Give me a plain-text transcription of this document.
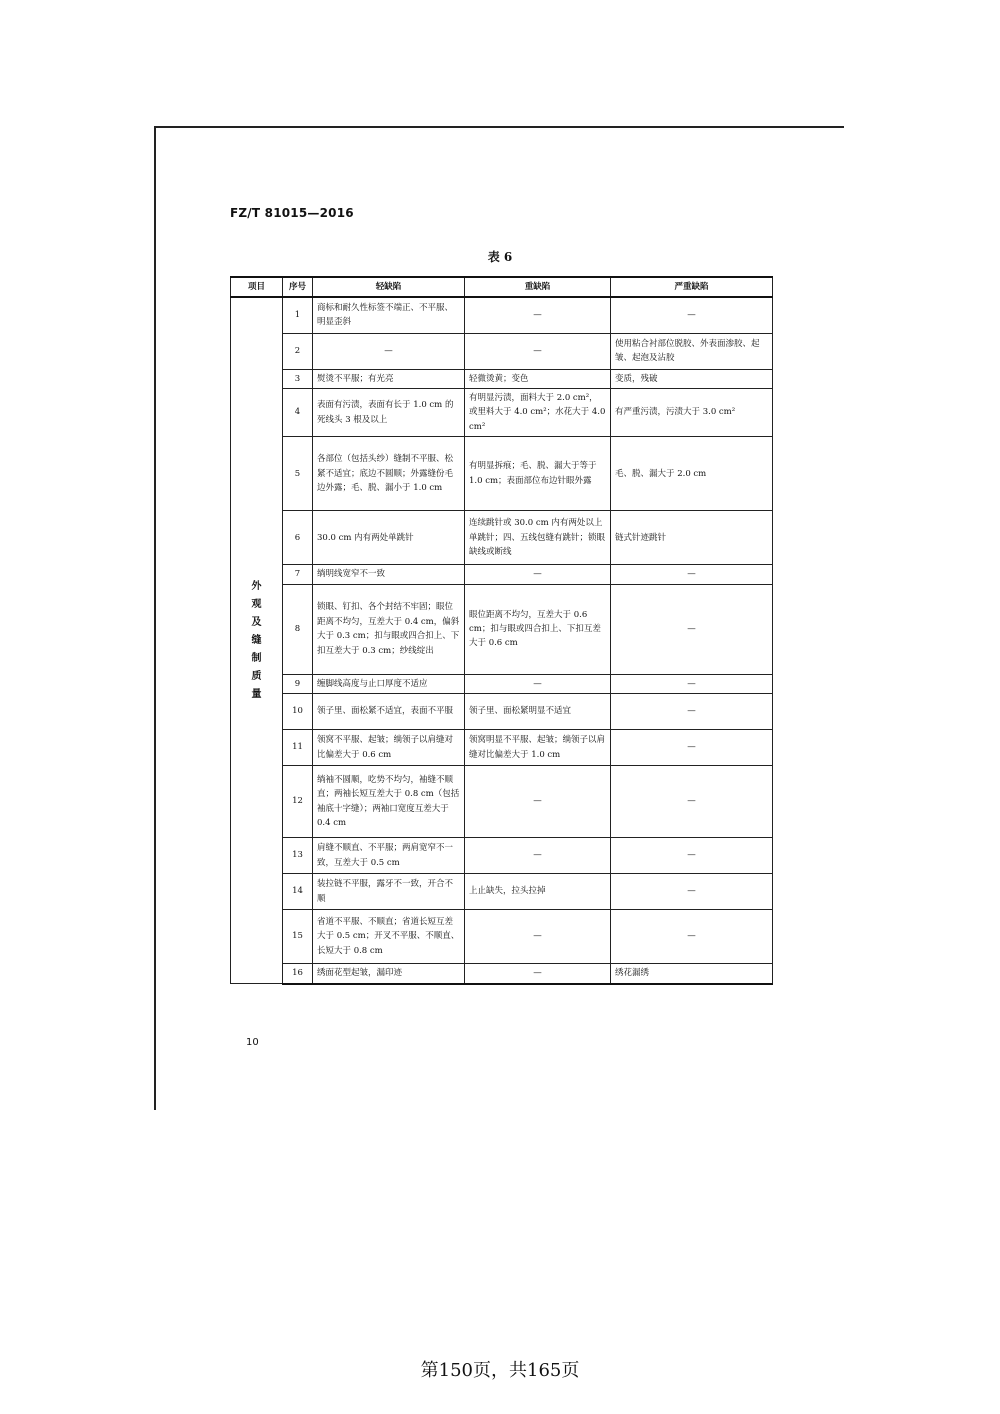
FZ/T 81015—2016
表 6
项目	序号	轻缺陷	重缺陷	严重缺陷
外观及缝制质量	1	商标和耐久性标签不端正、不平服、明显歪斜	—	—
	2	—	—	使用粘合衬部位脱胶、外表面渗胶、起皱、起泡及沾胶
	3	熨烫不平服；有光亮	轻微烫黄；变色	变质，残破
	4	表面有污渍，表面有长于 1.0 cm 的死线头 3 根及以上	有明显污渍，面料大于 2.0 cm²，或里料大于 4.0 cm²；水花大于 4.0 cm²	有严重污渍，污渍大于 3.0 cm²
	5	各部位（包括头纱）缝制不平服、松紧不适宜；底边不圆顺；外露缝份毛边外露；毛、脱、漏小于 1.0 cm	有明显拆痕；毛、脱、漏大于等于 1.0 cm；表面部位布边针眼外露	毛、脱、漏大于 2.0 cm
	6	30.0 cm 内有两处单跳针	连续跳针或 30.0 cm 内有两处以上单跳针；四、五线包缝有跳针；锁眼缺线或断线	链式针迹跳针
	7	绱明线宽窄不一致	—	—
	8	锁眼、钉扣、各个封结不牢固；眼位距离不均匀，互差大于 0.4 cm，偏斜大于 0.3 cm；扣与眼或四合扣上、下扣互差大于 0.3 cm；纱线绽出	眼位距离不均匀，互差大于 0.6 cm；扣与眼或四合扣上、下扣互差大于 0.6 cm	—
	9	缠脚线高度与止口厚度不适应	—	—
	10	领子里、面松紧不适宜，表面不平服	领子里、面松紧明显不适宜	—
	11	领窝不平服、起皱；绱领子以肩缝对比偏差大于 0.6 cm	领窝明显不平服、起皱；绱领子以肩缝对比偏差大于 1.0 cm	—
	12	绱袖不圆顺，吃势不均匀，袖缝不顺直；两袖长短互差大于 0.8 cm（包括袖底十字缝）；两袖口宽度互差大于 0.4 cm	—	—
	13	肩缝不顺直、不平服；两肩宽窄不一致，互差大于 0.5 cm	—	—
	14	装拉链不平服，露牙不一致，开合不顺	上止缺失，拉头拉掉	—
	15	省道不平服、不顺直；省道长短互差大于 0.5 cm；开叉不平服、不顺直、长短大于 0.8 cm	—	—
	16	绣面花型起皱，漏印迹	—	绣花漏绣
10
第150页，共165页
